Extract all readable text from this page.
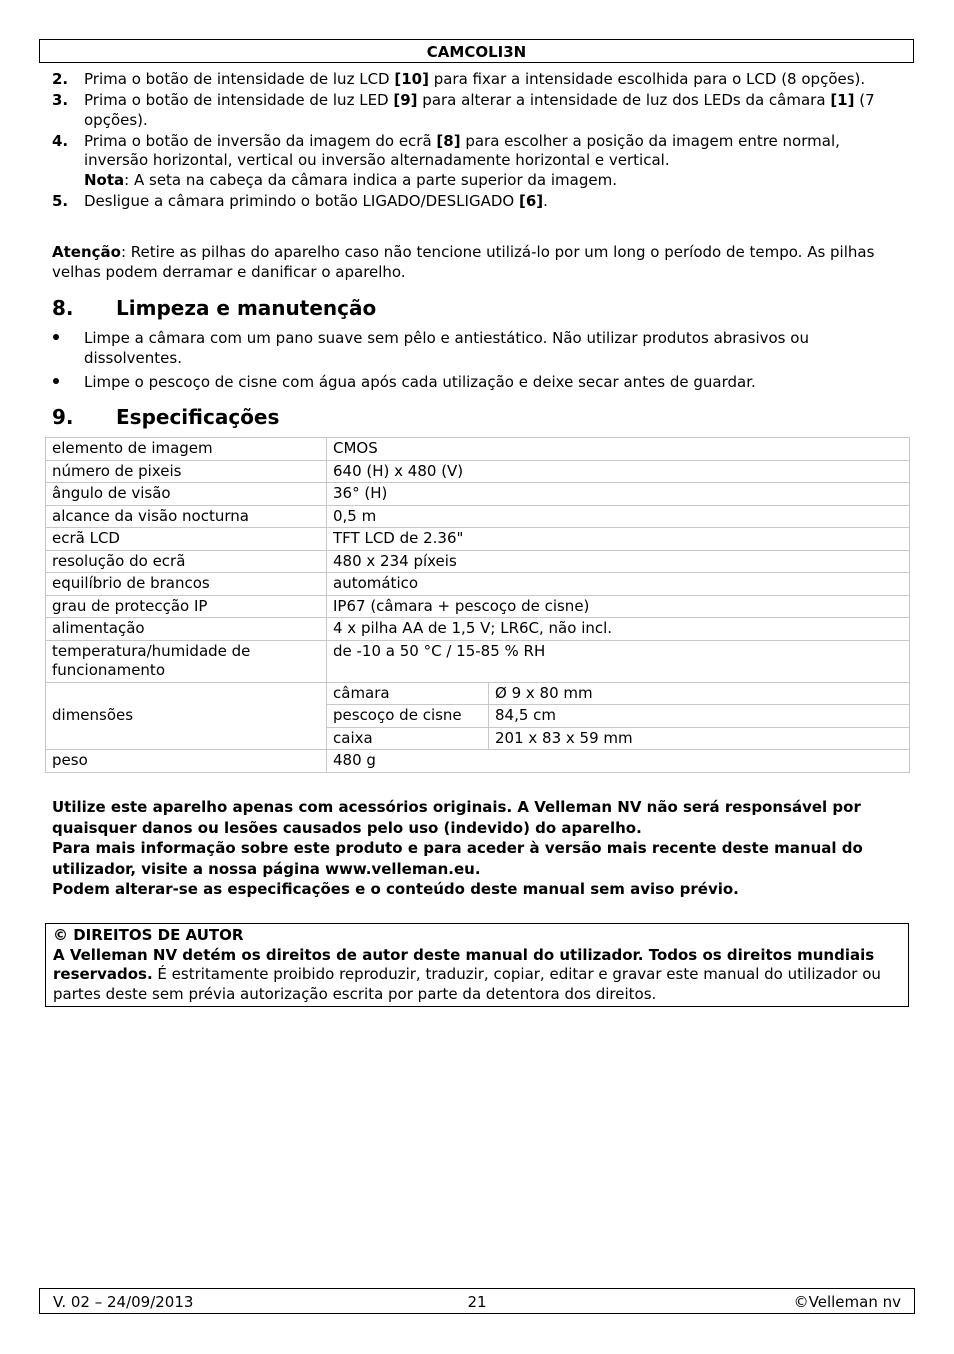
CAMCOLI3N
2.	Prima o botão de intensidade de luz LCD [10] para fixar a intensidade escolhida para o LCD (8 opções).
3.	Prima o botão de intensidade de luz LED [9] para alterar a intensidade de luz dos LEDs da câmara [1] (7 opções).
4.	Prima o botão de inversão da imagem do ecrã [8] para escolher a posição da imagem entre normal, inversão horizontal, vertical ou inversão alternadamente horizontal e vertical.

Nota: A seta na cabeça da câmara indica a parte superior da imagem.

5.	Desligue a câmara primindo o botão LIGADO/DESLIGADO [6].
Atenção: Retire as pilhas do aparelho caso não tencione utilizá-lo por um long o período de tempo. As pilhas velhas podem derramar e danificar o aparelho.
8. Limpeza e manutenção
Limpe a câmara com um pano suave sem pêlo e antiestático. Não utilizar produtos abrasivos ou dissolventes.
Limpe o pescoço de cisne com água após cada utilização e deixe secar antes de guardar.
9. Especificações
elemento de imagem	CMOS	
número de pixeis	640 (H) x 480 (V)	
ângulo de visão	36° (H)	
alcance da visão nocturna	0,5 m	
ecrã LCD	TFT LCD de 2.36"	
resolução do ecrã	480 x 234 píxeis	
equilíbrio de brancos	automático	
grau de protecção IP	IP67 (câmara + pescoço de cisne)	
alimentação	4 x pilha AA de 1,5 V; LR6C, não incl.	
temperatura/humidade de funcionamento	de -10 a 50 °C / 15-85 % RH	
dimensões	câmara	Ø 9 x 80 mm
	pescoço de cisne	84,5 cm
	caixa	201 x 83 x 59 mm
peso	480 g	

Utilize este aparelho apenas com acessórios originais. A Velleman NV não será responsável por quaisquer danos ou lesões causados pelo uso (indevido) do aparelho.

Para mais informação sobre este produto e para aceder à versão mais recente deste manual do utilizador, visite a nossa página www.velleman.eu.

Podem alterar-se as especificações e o conteúdo deste manual sem aviso prévio.

© DIREITOS DE AUTOR

A Velleman NV detém os direitos de autor deste manual do utilizador. Todos os direitos mundiais reservados. É estritamente proibido reproduzir, traduzir, copiar, editar e gravar este manual do utilizador ou partes deste sem prévia autorização escrita por parte da detentora dos direitos.

V. 02 – 24/09/2013	21	©Velleman nv
